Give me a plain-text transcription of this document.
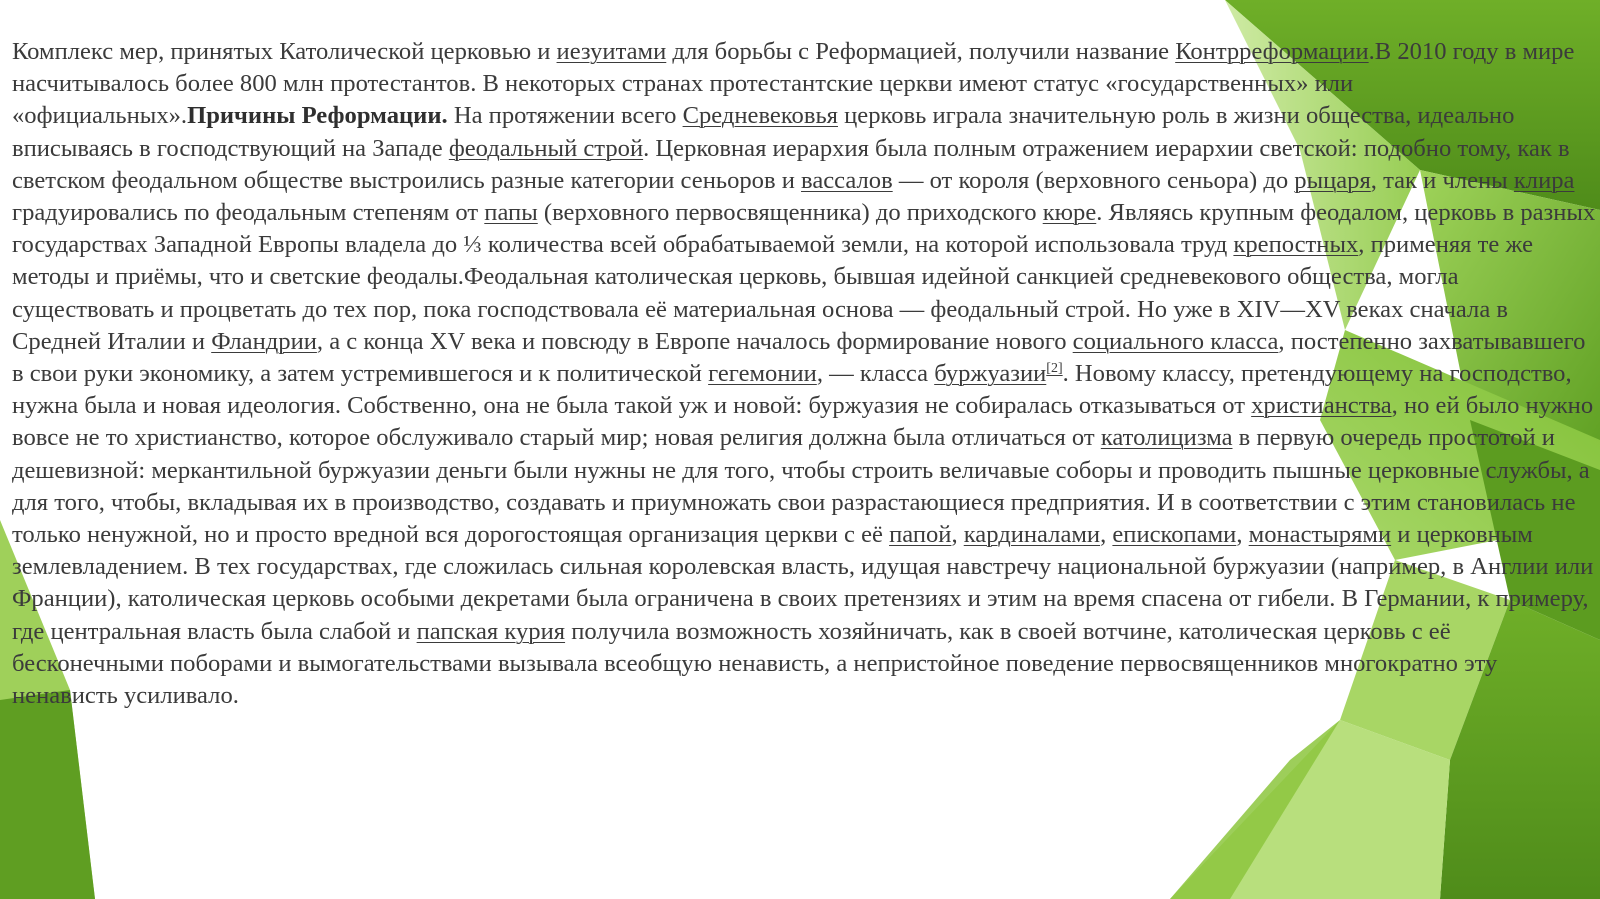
Комплекс мер, принятых Католической церковью и иезуитами для борьбы с Реформацией, получили название Контрреформации.В 2010 году в мире насчитывалось более 800 млн протестантов. В некоторых странах протестантские церкви имеют статус «государственных» или «официальных».Причины Реформации. На протяжении всего Средневековья церковь играла значительную роль в жизни общества, идеально вписываясь в господствующий на Западе феодальный строй. Церковная иерархия была полным отражением иерархии светской: подобно тому, как в светском феодальном обществе выстроились разные категории сеньоров и вассалов — от короля (верховного сеньора) до рыцаря, так и члены клира градуировались по феодальным степеням от папы (верховного первосвященника) до приходского кюре. Являясь крупным феодалом, церковь в разных государствах Западной Европы владела до ⅓ количества всей обрабатываемой земли, на которой использовала труд крепостных, применяя те же методы и приёмы, что и светские феодалы.Феодальная католическая церковь, бывшая идейной санкцией средневекового общества, могла существовать и процветать до тех пор, пока господствовала её материальная основа — феодальный строй. Но уже в XIV—XV веках сначала в Средней Италии и Фландрии, а с конца XV века и повсюду в Европе началось формирование нового социального класса, постепенно захватывавшего в свои руки экономику, а затем устремившегося и к политической гегемонии, — класса буржуазии[2]. Новому классу, претендующему на господство, нужна была и новая идеология. Собственно, она не была такой уж и новой: буржуазия не собиралась отказываться от христианства, но ей было нужно вовсе не то христианство, которое обслуживало старый мир; новая религия должна была отличаться от католицизма в первую очередь простотой и дешевизной: меркантильной буржуазии деньги были нужны не для того, чтобы строить величавые соборы и проводить пышные церковные службы, а для того, чтобы, вкладывая их в производство, создавать и приумножать свои разрастающиеся предприятия. И в соответствии с этим становилась не только ненужной, но и просто вредной вся дорогостоящая организация церкви с её папой, кардиналами, епископами, монастырями и церковным землевладением. В тех государствах, где сложилась сильная королевская власть, идущая навстречу национальной буржуазии (например, в Англии или Франции), католическая церковь особыми декретами была ограничена в своих претензиях и этим на время спасена от гибели. В Германии, к примеру, где центральная власть была слабой и папская курия получила возможность хозяйничать, как в своей вотчине, католическая церковь с её бесконечными поборами и вымогательствами вызывала всеобщую ненависть, а непристойное поведение первосвященников многократно эту ненависть усиливало.
